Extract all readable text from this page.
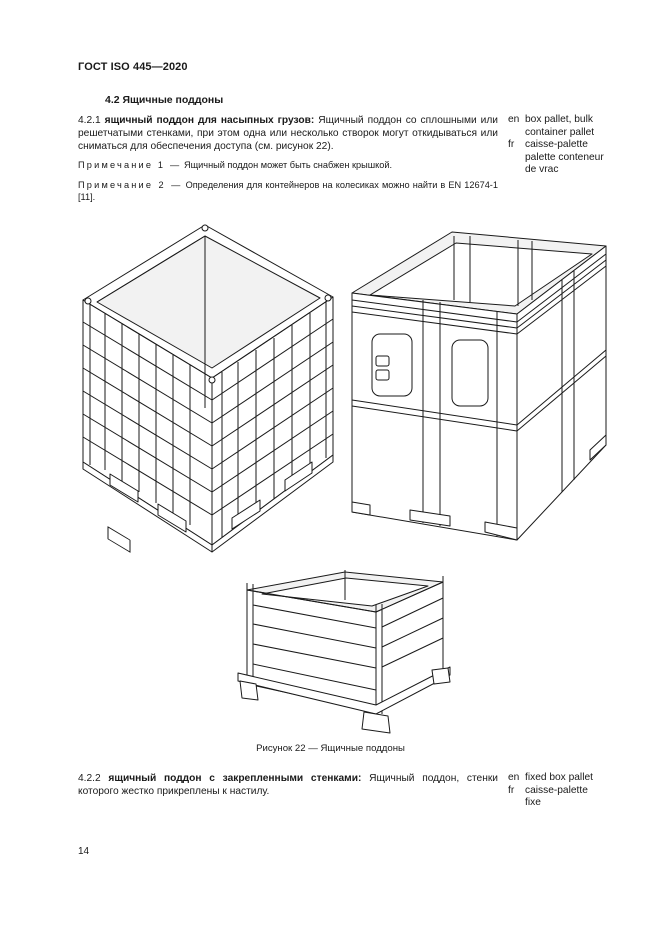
ГОСТ ISO 445—2020
4.2 Ящичные поддоны
4.2.1 ящичный поддон для насыпных грузов: Ящичный поддон со сплошными или решетчатыми стенками, при этом одна или несколько створок могут откидываться или сниматься для обеспечения доступа (см. рисунок 22).
en box pallet, bulk
container pallet
fr	caisse-palette
palette conteneur
de vrac
Примечание 1 — Ящичный поддон может быть снабжен крышкой.
Примечание 2 — Определения для контейнеров на колесиках можно найти в EN 12674-1 [11].
Рисунок 22 — Ящичные поддоны
4.2.2 ящичный поддон с закрепленными стенками: Ящичный поддон, стенки которого жестко прикреплены к настилу.
en fixed box pallet
fr	caisse-palette
fixe
14
